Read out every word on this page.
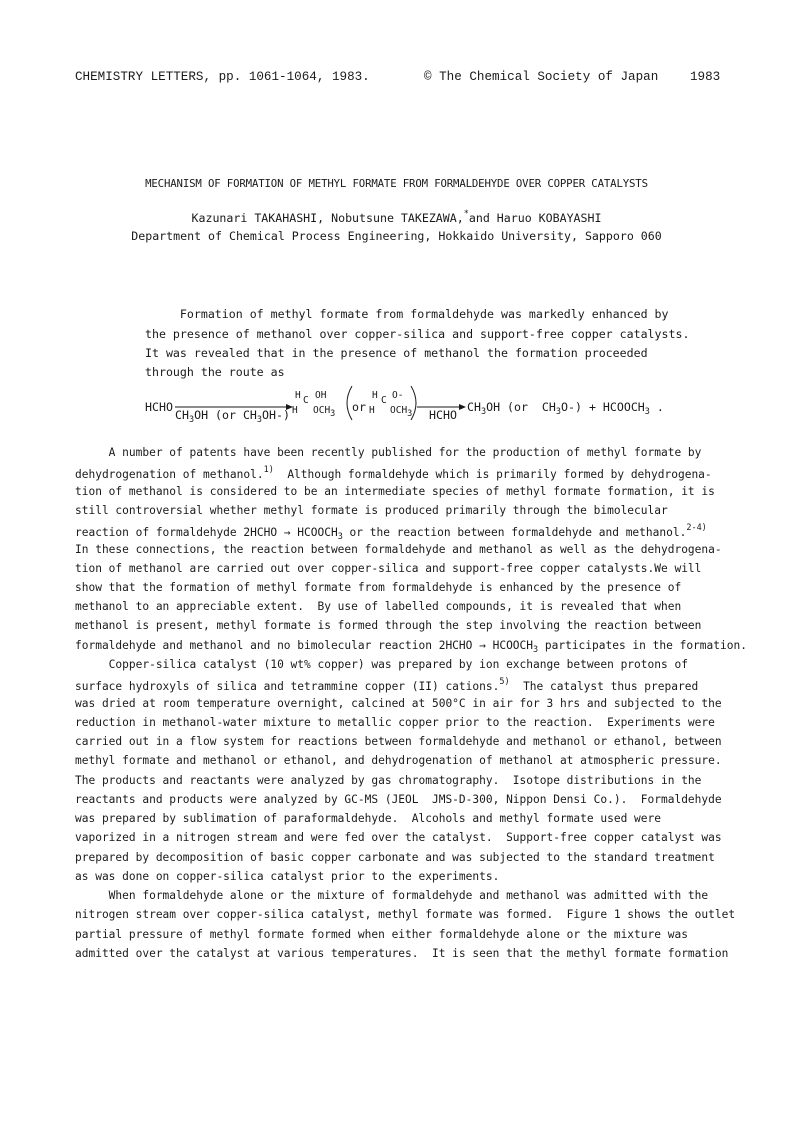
CHEMISTRY LETTERS, pp. 1061-1064, 1983.	© The Chemical Society of Japan	1983
MECHANISM OF FORMATION OF METHYL FORMATE FROM FORMALDEHYDE OVER COPPER CATALYSTS
Kazunari TAKAHASHI, Nobutsune TAKEZAWA,*and Haruo KOBAYASHI
Department of Chemical Process Engineering, Hokkaido University, Sapporo 060
Formation of methyl formate from formaldehyde was markedly enhanced by
the presence of methanol over copper-silica and support-free copper catalysts.
It was revealed that in the presence of methanol the formation proceeded
through the route as
HCHO
$CH_3OH$ (or $CH_3OH-$)
H C OH
H OCH3 or
H C O-
H OCH3 HCHO
$CH_3OH$ (or  $CH_3O-$) + $HCOOCH_3$ .
A number of patents have been recently published for the production of methyl formate by
dehydrogenation of methanol.$^{1)}$  Although formaldehyde which is primarily formed by dehydrogena-
tion of methanol is considered to be an intermediate species of methyl formate formation, it is
still controversial whether methyl formate is produced primarily through the bimolecular
reaction of formaldehyde 2HCHO → $HCOOCH_3$ or the reaction between formaldehyde and methanol.$^{2-4)}$
In these connections, the reaction between formaldehyde and methanol as well as the dehydrogena-
tion of methanol are carried out over copper-silica and support-free copper catalysts.We will
show that the formation of methyl formate from formaldehyde is enhanced by the presence of
methanol to an appreciable extent.  By use of labelled compounds, it is revealed that when
methanol is present, methyl formate is formed through the step involving the reaction between
formaldehyde and methanol and no bimolecular reaction 2HCHO → $HCOOCH_3$ participates in the formation.
Copper-silica catalyst (10 wt% copper) was prepared by ion exchange between protons of
surface hydroxyls of silica and tetrammine copper (II) cations.$^{5)}$  The catalyst thus prepared
was dried at room temperature overnight, calcined at 500°C in air for 3 hrs and subjected to the
reduction in methanol-water mixture to metallic copper prior to the reaction.  Experiments were
carried out in a flow system for reactions between formaldehyde and methanol or ethanol, between
methyl formate and methanol or ethanol, and dehydrogenation of methanol at atmospheric pressure.
The products and reactants were analyzed by gas chromatography.  Isotope distributions in the
reactants and products were analyzed by GC-MS (JEOL  JMS-D-300, Nippon Densi Co.).  Formaldehyde
was prepared by sublimation of paraformaldehyde.  Alcohols and methyl formate used were
vaporized in a nitrogen stream and were fed over the catalyst.  Support-free copper catalyst was
prepared by decomposition of basic copper carbonate and was subjected to the standard treatment
as was done on copper-silica catalyst prior to the experiments.
When formaldehyde alone or the mixture of formaldehyde and methanol was admitted with the
nitrogen stream over copper-silica catalyst, methyl formate was formed.  Figure 1 shows the outlet
partial pressure of methyl formate formed when either formaldehyde alone or the mixture was
admitted over the catalyst at various temperatures.  It is seen that the methyl formate formation
